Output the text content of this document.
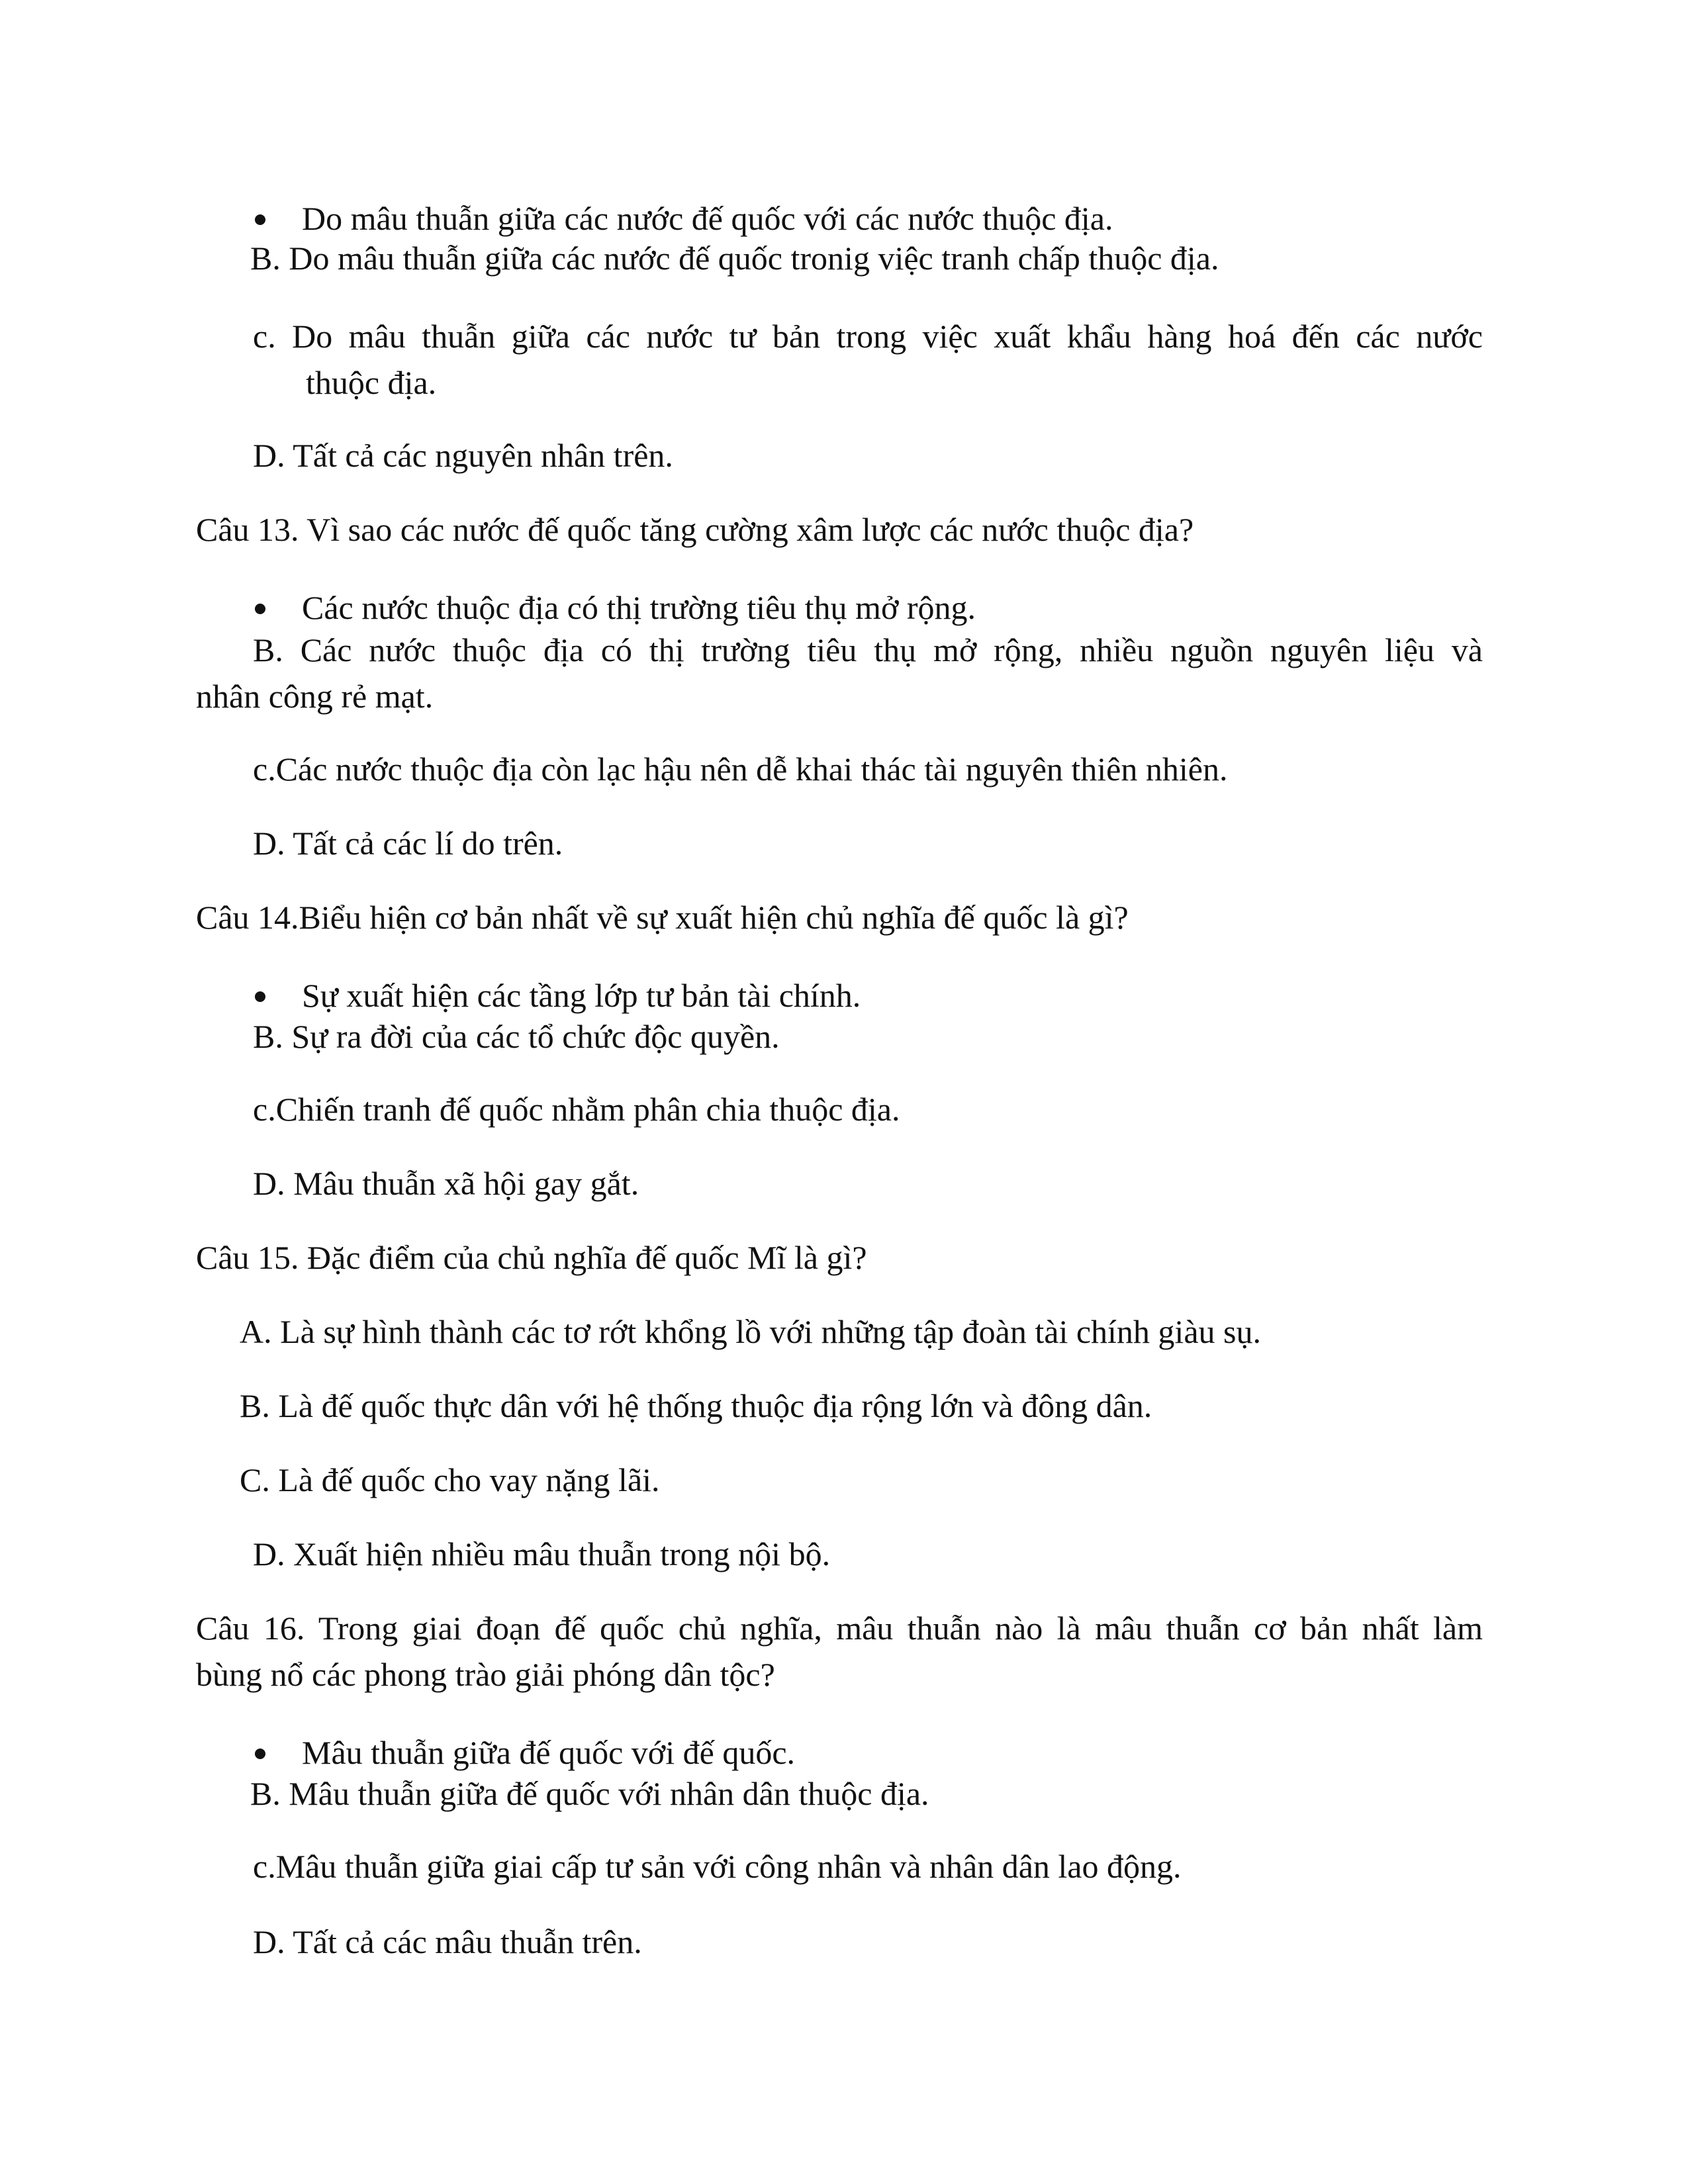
Do mâu thuẫn giữa các nước đế quốc với các nước thuộc địa.
B. Do mâu thuẫn giữa các nước đế quốc tronig việc tranh chấp thuộc địa.
c. Do mâu thuẫn giữa các nước tư bản trong việc xuất khẩu hàng hoá đến các nước
thuộc địa.
D. Tất cả các nguyên nhân trên.
Câu 13. Vì sao các nước đế quốc tăng cường xâm lược các nước thuộc địa?
Các nước thuộc địa có thị trường tiêu thụ mở rộng.
B. Các nước thuộc địa có thị trường tiêu thụ mở rộng, nhiều nguồn nguyên liệu và
nhân công rẻ mạt.
c.Các nước thuộc địa còn lạc hậu nên dễ khai thác tài nguyên thiên nhiên.
D. Tất cả các lí do trên.
Câu 14.Biểu hiện cơ bản nhất về sự xuất hiện chủ nghĩa đế quốc là gì?
Sự xuất hiện các tầng lớp tư bản tài chính.
B. Sự ra đời của các tổ chức độc quyền.
c.Chiến tranh đế quốc nhằm phân chia thuộc địa.
D. Mâu thuẫn xã hội gay gắt.
Câu 15. Đặc điểm của chủ nghĩa đế quốc Mĩ là gì?
A. Là sự hình thành các tơ rớt khổng lồ với những tập đoàn tài chính giàu sụ.
B. Là đế quốc thực dân với hệ thống thuộc địa rộng lớn và đông dân.
C. Là đế quốc cho vay nặng lãi.
D. Xuất hiện nhiều mâu thuẫn trong nội bộ.
Câu 16. Trong giai đoạn đế quốc chủ nghĩa, mâu thuẫn nào là mâu thuẫn cơ bản nhất làm
bùng nổ các phong trào giải phóng dân tộc?
Mâu thuẫn giữa đế quốc với đế quốc.
B. Mâu thuẫn giữa đế quốc với nhân dân thuộc địa.
c.Mâu thuẫn giữa giai cấp tư sản với công nhân và nhân dân lao động.
D. Tất cả các mâu thuẫn trên.
